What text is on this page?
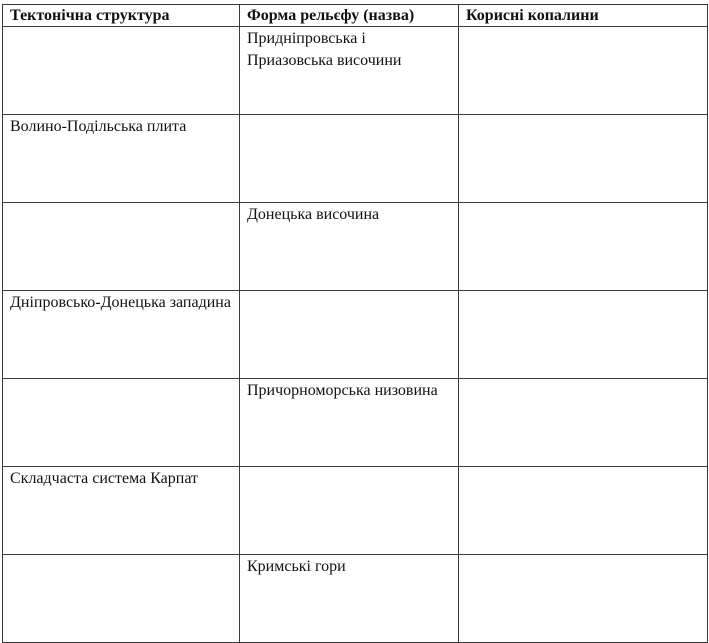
Тектонічна структура	Форма рельєфу (назва)	Корисні копалини
	Придніпровська і Приазовська височини	
Волино-Подільська плита		
	Донецька височина	
Дніпровсько-Донецька западина		
	Причорноморська низовина	
Складчаста система Карпат		
	Кримські гори	
